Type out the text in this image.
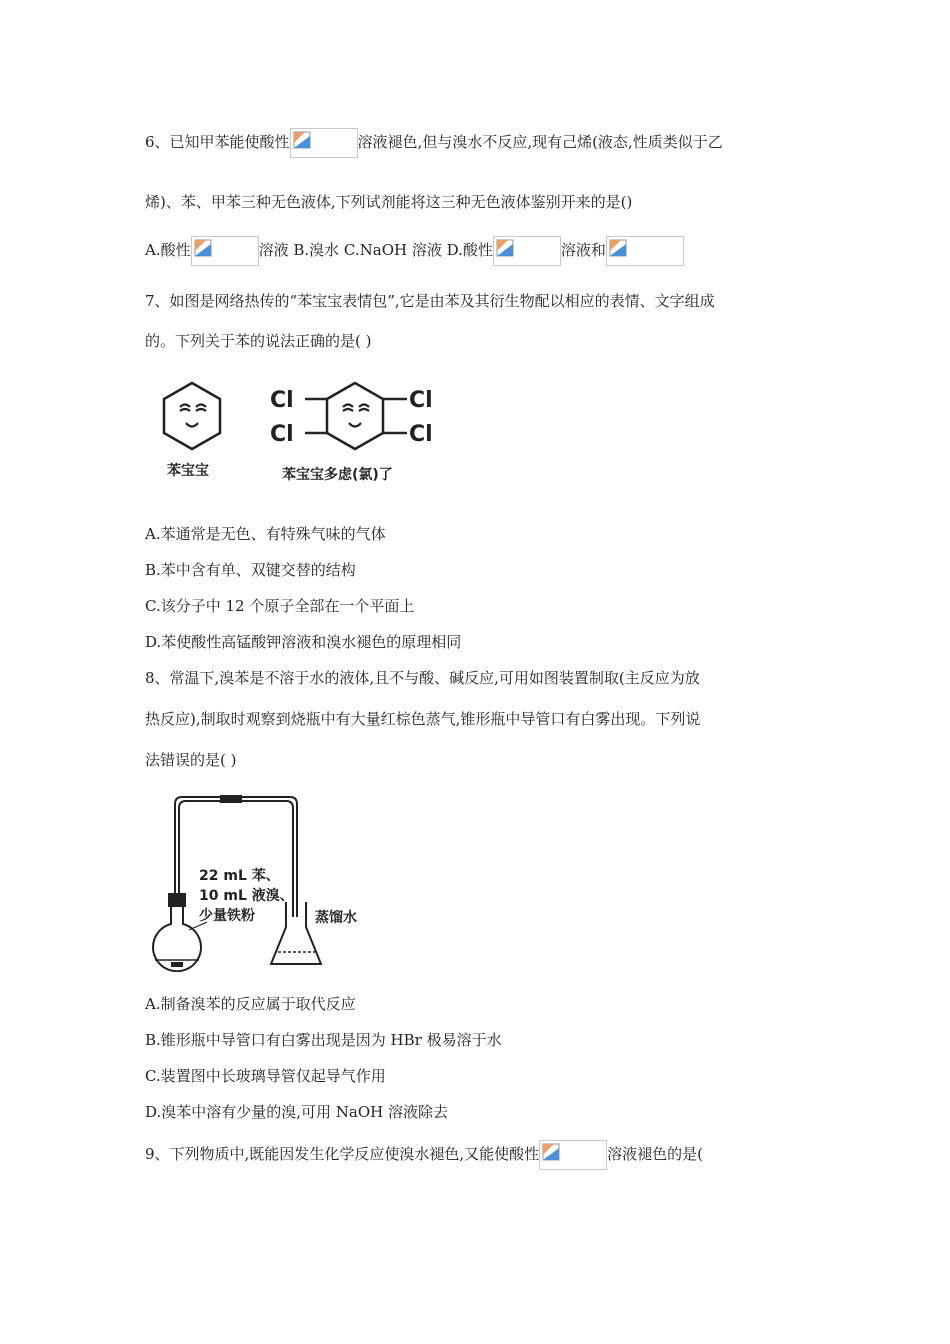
6、已知甲苯能使酸性	溶液褪色,但与溴水不反应,现有己烯(液态,性质类似于乙
烯)、苯、甲苯三种无色液体,下列试剂能将这三种无色液体鉴别开来的是()
A.酸性	溶液 B.溴水 C.NaOH 溶液 D.酸性	溶液和
7、如图是网络热传的“苯宝宝表情包”,它是由苯及其衍生物配以相应的表情、文字组成
的。下列关于苯的说法正确的是( )
苯宝宝
Cl
Cl
Cl
Cl
苯宝宝多虑(氯)了
A.苯通常是无色、有特殊气味的气体
B.苯中含有单、双键交替的结构
C.该分子中 12 个原子全部在一个平面上
D.苯使酸性高锰酸钾溶液和溴水褪色的原理相同
8、常温下,溴苯是不溶于水的液体,且不与酸、碱反应,可用如图装置制取(主反应为放
热反应),制取时观察到烧瓶中有大量红棕色蒸气,锥形瓶中导管口有白雾出现。下列说
法错误的是( )
22 mL 苯、
10 mL 液溴、
少量铁粉	蒸馏水
A.制备溴苯的反应属于取代反应
B.锥形瓶中导管口有白雾出现是因为 HBr 极易溶于水
C.装置图中长玻璃导管仅起导气作用
D.溴苯中溶有少量的溴,可用 NaOH 溶液除去
9、下列物质中,既能因发生化学反应使溴水褪色,又能使酸性	溶液褪色的是(
